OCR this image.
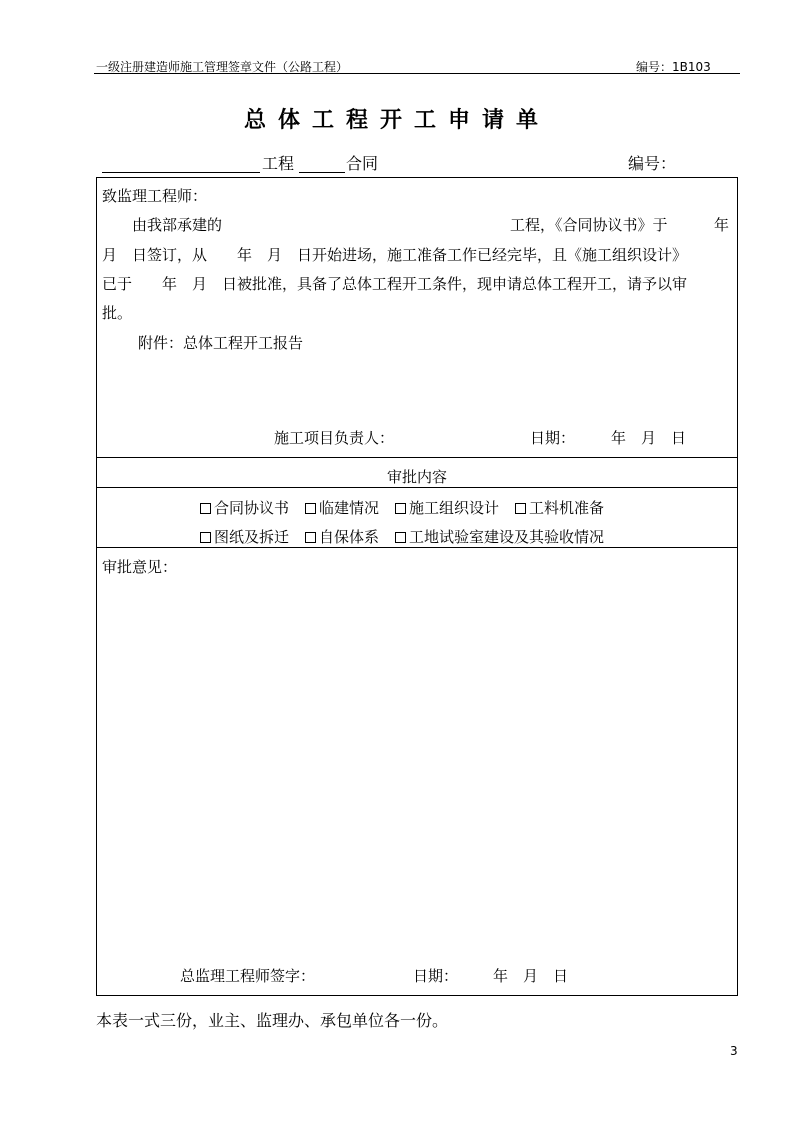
一级注册建造师施工管理签章文件（公路工程）	编号：1B103
总体工程开工申请单
工程	合同	编号：
致监理工程师：
由我部承建的	工程，《合同协议书》于	年
月　日签订，从　　年　月　日开始进场，施工准备工作已经完毕，且《施工组织设计》
已于　　年　月　日被批准，具备了总体工程开工条件，现申请总体工程开工，请予以审
批。
附件：总体工程开工报告
施工项目负责人：	日期： 年　月　日
审批内容
合同协议书 临建情况 施工组织设计 工料机准备
图纸及拆迁 自保体系 工地试验室建设及其验收情况
审批意见：
总监理工程师签字：	日期： 年　月　日
本表一式三份，业主、监理办、承包单位各一份。
3
